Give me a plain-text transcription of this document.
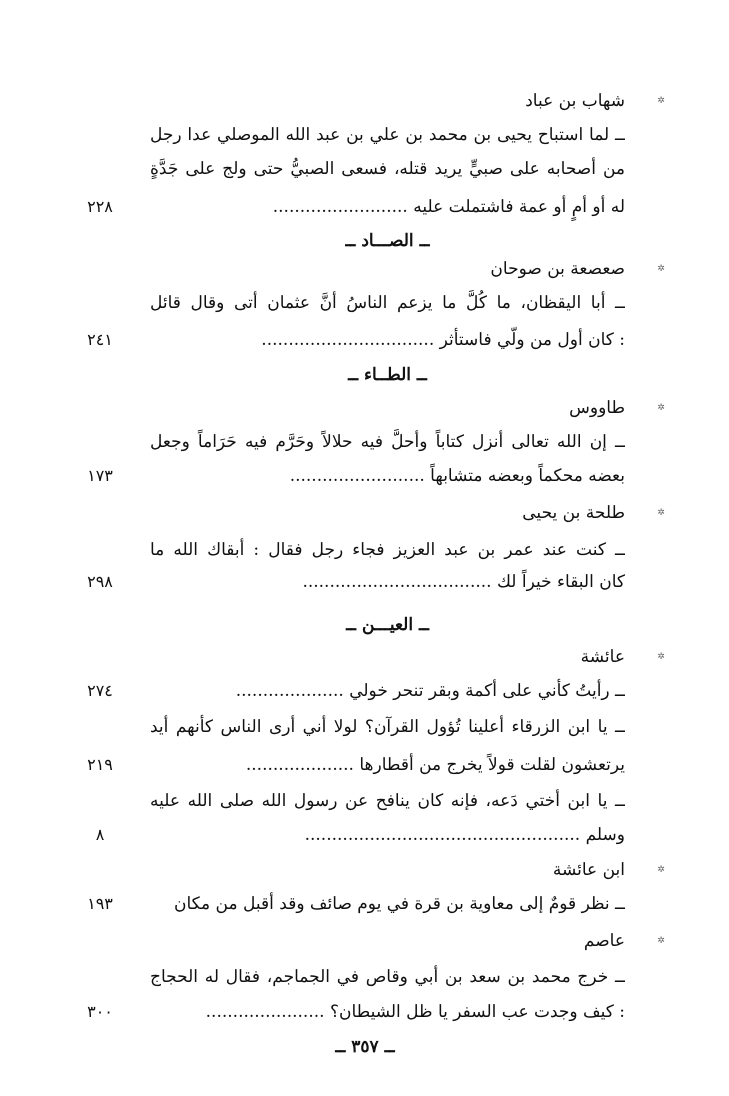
✲
شهاب بن عباد
ــ لما استباح يحيى بن محمد بن علي بن عبد الله الموصلي عدا رجل
من أصحابه على صبيٍّ يريد قتله، فسعى الصبيُّ حتى ولج على جَدَّةٍ
له أو أمٍ أو عمة فاشتملت عليه .........................
٢٢٨
ــ الصـــاد ــ
✲
صعصعة بن صوحان
ــ أبا اليقظان، ما كُلَّ ما يزعم الناسُ أنَّ عثمان أتى وقال قائل
: كان أول من ولّي فاستأثر ................................
٢٤١
ــ الطــاء ــ
✲
طاووس
ــ إن الله تعالى أنزل كتاباً وأحلَّ فيه حلالاً وحَرَّم فيه حَرَاماً وجعل
بعضه محكماً وبعضه متشابهاً .........................
١٧٣
✲
طلحة بن يحيى
ــ كنت عند عمر بن عبد العزيز فجاء رجل فقال : أبقاك الله ما
كان البقاء خيراً لك ...................................
٢٩٨
ــ العيـــن ــ
✲
عائشة
ــ رأيتُ كأني على أكمة وبقر تنحر خولي ....................
٢٧٤
ــ يا ابن الزرقاء أعلينا تُؤول القرآن؟ لولا أني أرى الناس كأنهم أيد
يرتعشون لقلت قولاً يخرج من أقطارها ....................
٢١٩
ــ يا ابن أختي دَعه، فإنه كان ينافح عن رسول الله صلى الله عليه
وسلم ...................................................
٨
✲
ابن عائشة
ــ نظر قومٌ إلى معاوية بن قرة في يوم صائف وقد أقبل من مكان
١٩٣
✲
عاصم
ــ خرج محمد بن سعد بن أبي وقاص في الجماجم، فقال له الحجاج
: كيف وجدت عب السفر يا ظل الشيطان؟ ......................
٣٠٠
ــ ٣٥٧ ــ
